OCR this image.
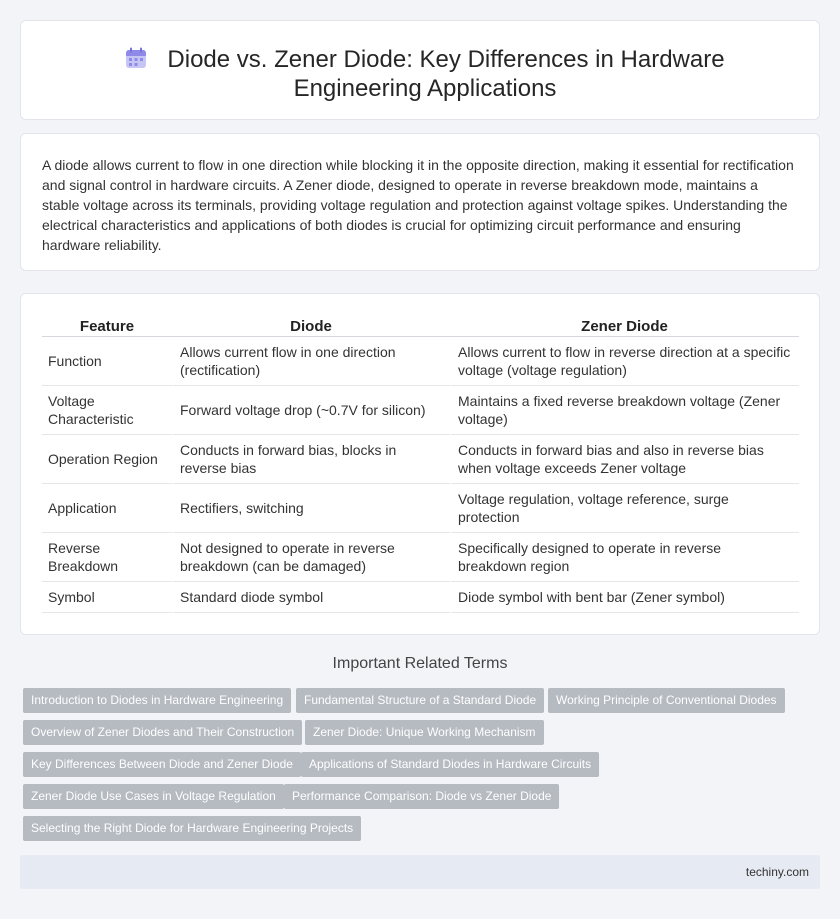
Diode vs. Zener Diode: Key Differences in Hardware Engineering Applications

A diode allows current to flow in one direction while blocking it in the opposite direction, making it essential for rectification and signal control in hardware circuits. A Zener diode, designed to operate in reverse breakdown mode, maintains a stable voltage across its terminals, providing voltage regulation and protection against voltage spikes. Understanding the electrical characteristics and applications of both diodes is crucial for optimizing circuit performance and ensuring hardware reliability.

Feature	Diode	Zener Diode
Function	Allows current flow in one direction (rectification)	Allows current to flow in reverse direction at a specific voltage (voltage regulation)
Voltage Characteristic	Forward voltage drop (~0.7V for silicon)	Maintains a fixed reverse breakdown voltage (Zener voltage)
Operation Region	Conducts in forward bias, blocks in reverse bias	Conducts in forward bias and also in reverse bias when voltage exceeds Zener voltage
Application	Rectifiers, switching	Voltage regulation, voltage reference, surge protection
Reverse Breakdown	Not designed to operate in reverse breakdown (can be damaged)	Specifically designed to operate in reverse breakdown region
Symbol	Standard diode symbol	Diode symbol with bent bar (Zener symbol)
Important Related Terms
Introduction to Diodes in Hardware Engineering	Fundamental Structure of a Standard Diode	Working Principle of Conventional Diodes
Overview of Zener Diodes and Their Construction	Zener Diode: Unique Working Mechanism
Key Differences Between Diode and Zener Diode	Applications of Standard Diodes in Hardware Circuits
Zener Diode Use Cases in Voltage Regulation	Performance Comparison: Diode vs Zener Diode
Selecting the Right Diode for Hardware Engineering Projects
techiny.com
